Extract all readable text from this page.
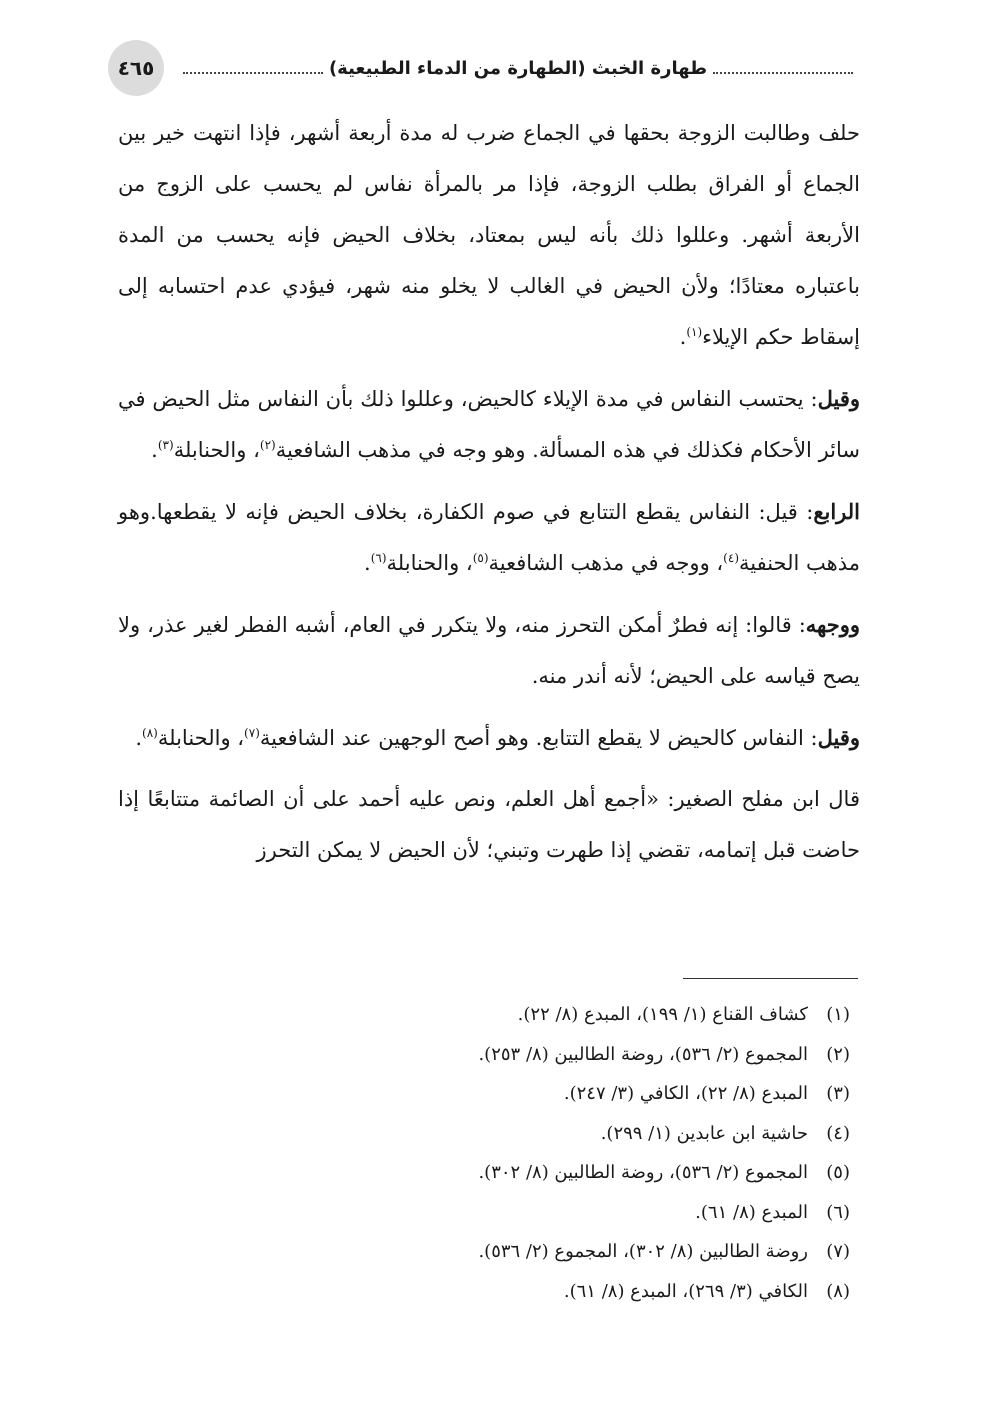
طهارة الخبث (الطهارة من الدماء الطبيعية)
٤٦٥

حلف وطالبت الزوجة بحقها في الجماع ضرب له مدة أربعة أشهر، فإذا انتهت خير بين الجماع أو الفراق بطلب الزوجة، فإذا مر بالمرأة نفاس لم يحسب على الزوج من الأربعة أشهر. وعللوا ذلك بأنه ليس بمعتاد، بخلاف الحيض فإنه يحسب من المدة باعتباره معتادًا؛ ولأن الحيض في الغالب لا يخلو منه شهر، فيؤدي عدم احتسابه إلى إسقاط حكم الإيلاء$^{(١)}$.

وقيل: يحتسب النفاس في مدة الإيلاء كالحيض، وعللوا ذلك بأن النفاس مثل الحيض في سائر الأحكام فكذلك في هذه المسألة. وهو وجه في مذهب الشافعية$^{(٢)}$، والحنابلة$^{(٣)}$.

الرابع: قيل: النفاس يقطع التتابع في صوم الكفارة، بخلاف الحيض فإنه لا يقطعها.وهو مذهب الحنفية$^{(٤)}$، ووجه في مذهب الشافعية$^{(٥)}$، والحنابلة$^{(٦)}$.

ووجهه: قالوا: إنه فطرٌ أمكن التحرز منه، ولا يتكرر في العام، أشبه الفطر لغير عذر، ولا يصح قياسه على الحيض؛ لأنه أندر منه.

وقيل: النفاس كالحيض لا يقطع التتابع. وهو أصح الوجهين عند الشافعية$^{(٧)}$، والحنابلة$^{(٨)}$.

قال ابن مفلح الصغير: «أجمع أهل العلم، ونص عليه أحمد على أن الصائمة متتابعًا إذا حاضت قبل إتمامه، تقضي إذا طهرت وتبني؛ لأن الحيض لا يمكن التحرز

(١)
كشاف القناع (١/ ١٩٩)، المبدع (٨/ ٢٢).
(٢)
المجموع (٢/ ٥٣٦)، روضة الطالبين (٨/ ٢٥٣).
(٣)
المبدع (٨/ ٢٢)، الكافي (٣/ ٢٤٧).
(٤)
حاشية ابن عابدين (١/ ٢٩٩).
(٥)
المجموع (٢/ ٥٣٦)، روضة الطالبين (٨/ ٣٠٢).
(٦)
المبدع (٨/ ٦١).
(٧)
روضة الطالبين (٨/ ٣٠٢)، المجموع (٢/ ٥٣٦).
(٨)
الكافي (٣/ ٢٦٩)، المبدع (٨/ ٦١).
